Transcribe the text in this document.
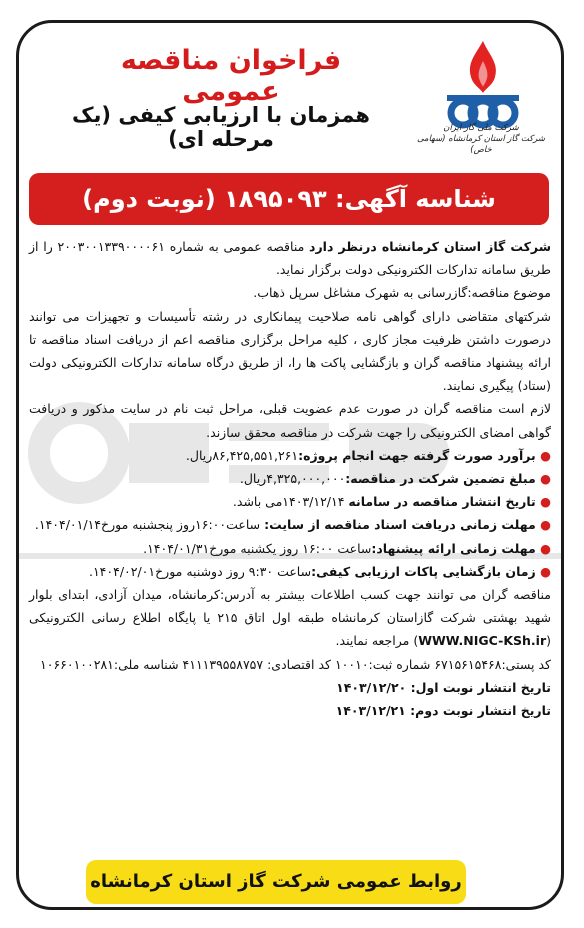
فراخوان مناقصه عمومی
همزمان با ارزیابی کیفی (یک مرحله ای)	شرکت ملی گاز ایران
شرکت گاز استان کرمانشاه (سهامی خاص)
شناسه آگهی: ۱۸۹۵۰۹۳ (نوبت دوم)

شرکت گاز استان کرمانشاه درنظر دارد مناقصه عمومی به شماره ۲۰۰۳۰۰۱۳۳۹۰۰۰۰۶۱ را از طریق سامانه تدارکات الکترونیکی دولت برگزار نماید.

موضوع مناقصه:گازرسانی به شهرک مشاغل سرپل ذهاب.

شرکتهای متقاضی دارای گواهی نامه صلاحیت پیمانکاری در رشته تأسیسات و تجهیزات می توانند درصورت داشتن ظرفیت مجاز کاری ، کلیه مراحل برگزاری مناقصه اعم از دریافت اسناد مناقصه تا ارائه پیشنهاد مناقصه گران و بازگشایی پاکت ها را، از طریق درگاه سامانه تدارکات الکترونیکی دولت (ستاد) پیگیری نمایند.

لازم است مناقصه گران در صورت عدم عضویت قبلی، مراحل ثبت نام در سایت مذکور و دریافت گواهی امضای الکترونیکی را جهت شرکت در مناقصه محقق سازند.

● برآورد صورت گرفته جهت انجام پروژه:۸۶,۴۲۵,۵۵۱,۲۶۱ریال.

● مبلغ تضمین شرکت در مناقصه:۴,۳۲۵,۰۰۰,۰۰۰ریال.

● تاریخ انتشار مناقصه در سامانه ۱۴۰۳/۱۲/۱۴می باشد.

● مهلت زمانی دریافت اسناد مناقصه از سایت: ساعت۱۶:۰۰روز پنجشنبه مورخ۱۴۰۴/۰۱/۱۴.

● مهلت زمانی ارائه پیشنهاد:ساعت ۱۶:۰۰ روز یکشنبه مورخ۱۴۰۴/۰۱/۳۱.

● زمان بازگشایی پاکات ارزیابی کیفی:ساعت ۹:۳۰ روز دوشنبه مورخ۱۴۰۴/۰۲/۰۱.

مناقصه گران می توانند جهت کسب اطلاعات بیشتر به آدرس:کرمانشاه، میدان آزادی، ابتدای بلوار شهید بهشتی شرکت گازاستان کرمانشاه طبقه اول اتاق ۲۱۵ یا پایگاه اطلاع رسانی الکترونیکی (WWW.NIGC-KSh.ir) مراجعه نمایند.

کد پستی:۶۷۱۵۶۱۵۴۶۸ شماره ثبت:۱۰۰۱۰ کد اقتصادی: ۴۱۱۱۳۹۵۵۸۷۵۷ شناسه ملی:۱۰۶۶۰۱۰۰۲۸۱

تاریخ انتشار نوبت اول: ۱۴۰۳/۱۲/۲۰

تاریخ انتشار نوبت دوم: ۱۴۰۳/۱۲/۲۱

روابط عمومی شرکت گاز استان کرمانشاه
